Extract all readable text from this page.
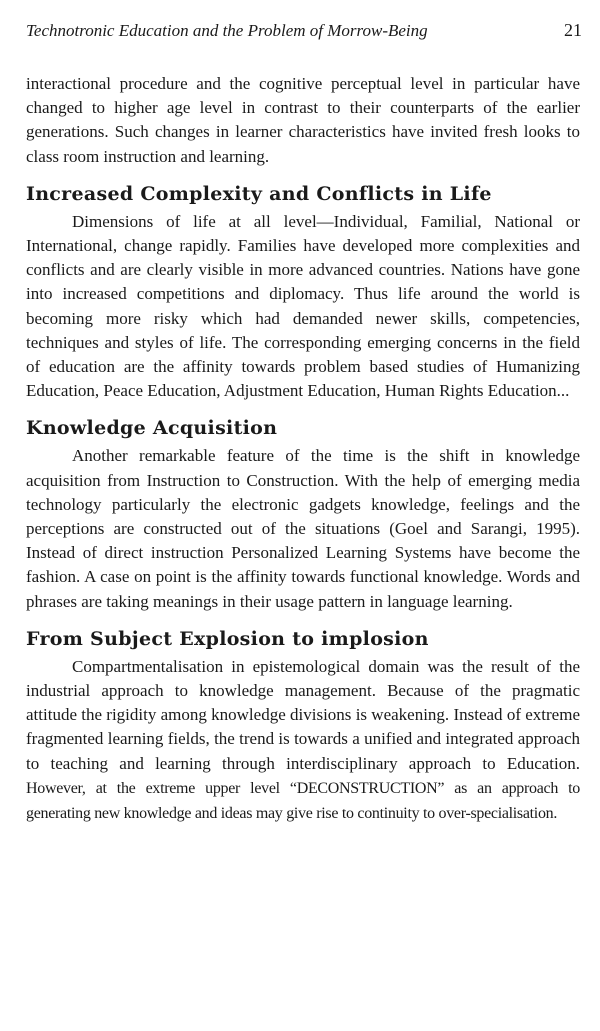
Technotronic Education and the Problem of Morrow-Being	21

interactional procedure and the cognitive perceptual level in particular have changed to higher age level in contrast to their counterparts of the earlier generations. Such changes in learner characteristics have invited fresh looks to class room instruction and learning.

Increased Complexity and Conflicts in Life

Dimensions of life at all level—Individual, Familial, National or International, change rapidly. Families have developed more complexities and conflicts and are clearly visible in more advanced countries. Nations have gone into increased competitions and diplomacy. Thus life around the world is becoming more risky which had demanded newer skills, competencies, techniques and styles of life. The corresponding emerging concerns in the field of education are the affinity towards problem based studies of Humanizing Education, Peace Education, Adjustment Education, Human Rights Education...

Knowledge Acquisition

Another remarkable feature of the time is the shift in knowledge acquisition from Instruction to Construction. With the help of emerging media technology particularly the electronic gadgets knowledge, feelings and the perceptions are constructed out of the situations (Goel and Sarangi, 1995). Instead of direct instruction Personalized Learning Systems have become the fashion. A case on point is the affinity towards functional knowledge. Words and phrases are taking meanings in their usage pattern in language learning.

From Subject Explosion to implosion

Compartmentalisation in epistemological domain was the result of the industrial approach to knowledge management. Because of the pragmatic attitude the rigidity among knowledge divisions is weakening. Instead of extreme fragmented learning fields, the trend is towards a unified and integrated approach to teaching and learning through interdisciplinary approach to Education. However, at the extreme upper level “DECONSTRUCTION” as an approach to generating new knowledge and ideas may give rise to continuity to over-specialisation.
